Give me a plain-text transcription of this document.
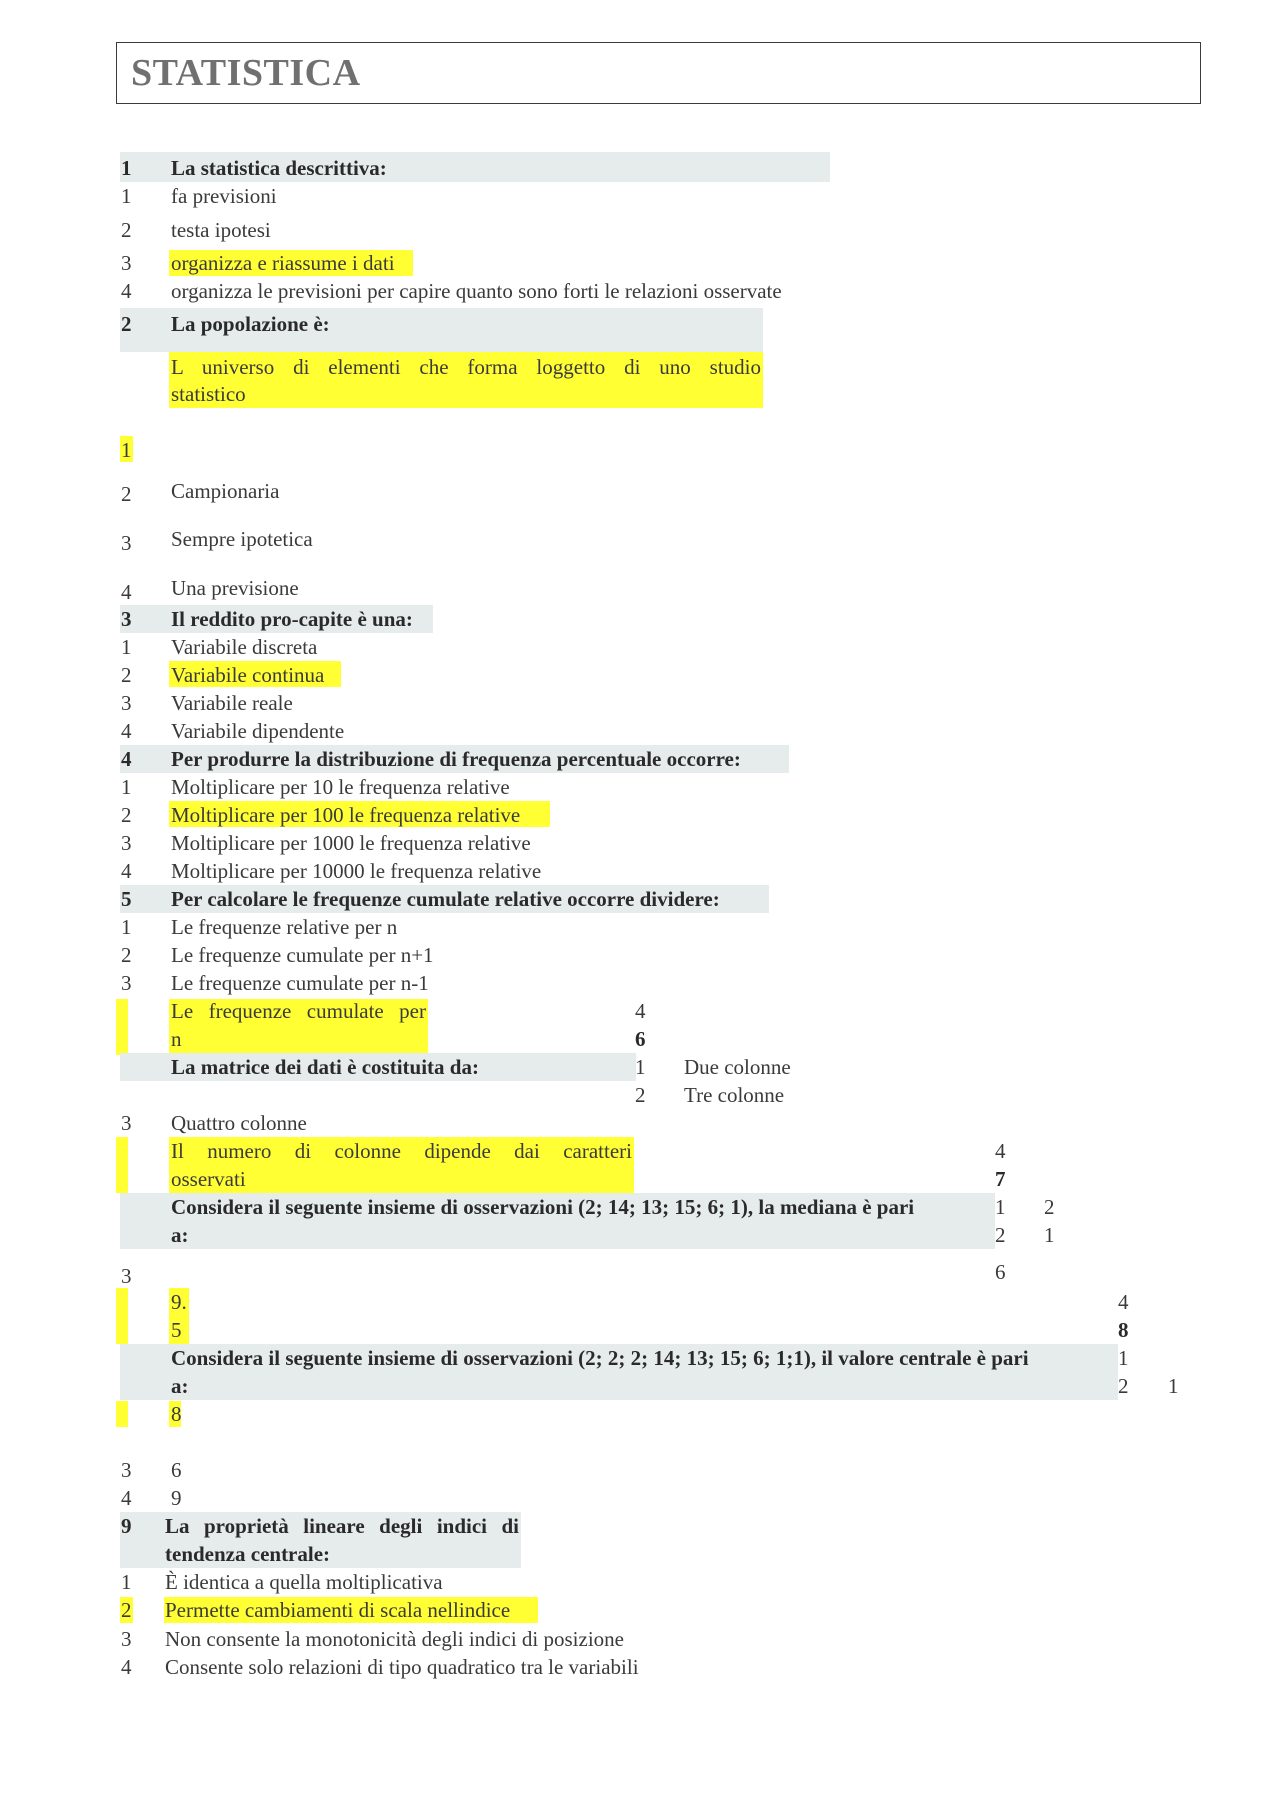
STATISTICA
1 La statistica descrittiva:
1 fa previsioni
2 testa ipotesi
3 organizza e riassume i dati
4 organizza le previsioni per capire quanto sono forti le relazioni osservate
2 La popolazione è:
L universo di elementi che forma loggetto di uno studio
statistico
1
2 Campionaria
3 Sempre ipotetica
4 Una previsione
3 Il reddito pro-capite è una:
1 Variabile discreta
2 Variabile continua
3 Variabile reale
4 Variabile dipendente
4 Per produrre la distribuzione di frequenza percentuale occorre:
1 Moltiplicare per 10 le frequenza relative
2 Moltiplicare per 100 le frequenza relative
3 Moltiplicare per 1000 le frequenza relative
4 Moltiplicare per 10000 le frequenza relative
5 Per calcolare le frequenze cumulate relative occorre dividere:
1 Le frequenze relative per n
2 Le frequenze cumulate per n+1
3 Le frequenze cumulate per n-1
Le frequenze cumulate per
n
4
6
La matrice dei dati è costituita da:	1 Due colonne
2 Tre colonne
3 Quattro colonne
Il numero di colonne dipende dai caratteri
osservati
4
7
Considera il seguente insieme di osservazioni (2; 14; 13; 15; 6; 1), la mediana è pari
a:
1 2
2 1
3	6
9.
5
4
8
Considera il seguente insieme di osservazioni (2; 2; 2; 14; 13; 15; 6; 1;1), il valore centrale è pari
a:
1
2 1
8
3 6
4 9
9 La proprietà lineare degli indici di
tendenza centrale:
1 È identica a quella moltiplicativa
2 Permette cambiamenti di scala nellindice
3 Non consente la monotonicità degli indici di posizione
4 Consente solo relazioni di tipo quadratico tra le variabili
